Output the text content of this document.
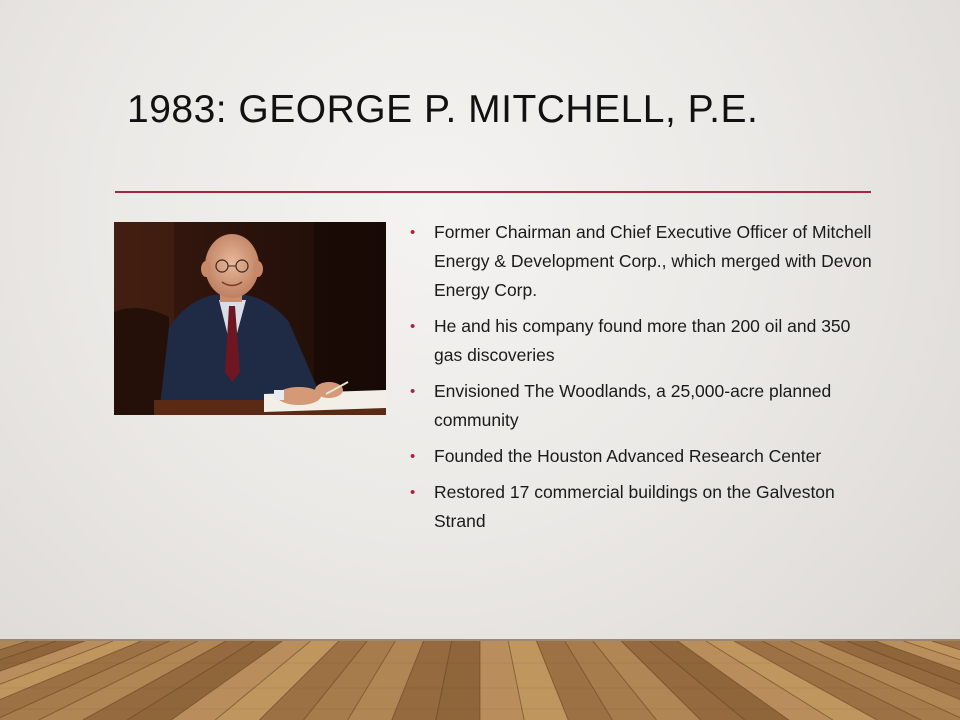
1983: GEORGE P. MITCHELL, P.E.
• Former Chairman and Chief Executive Officer of Mitchell Energy & Development Corp., which merged with Devon Energy Corp.
• He and his company found more than 200 oil and 350 gas discoveries
• Envisioned The Woodlands, a 25,000-acre planned community
• Founded the Houston Advanced Research Center
• Restored 17 commercial buildings on the Galveston Strand
